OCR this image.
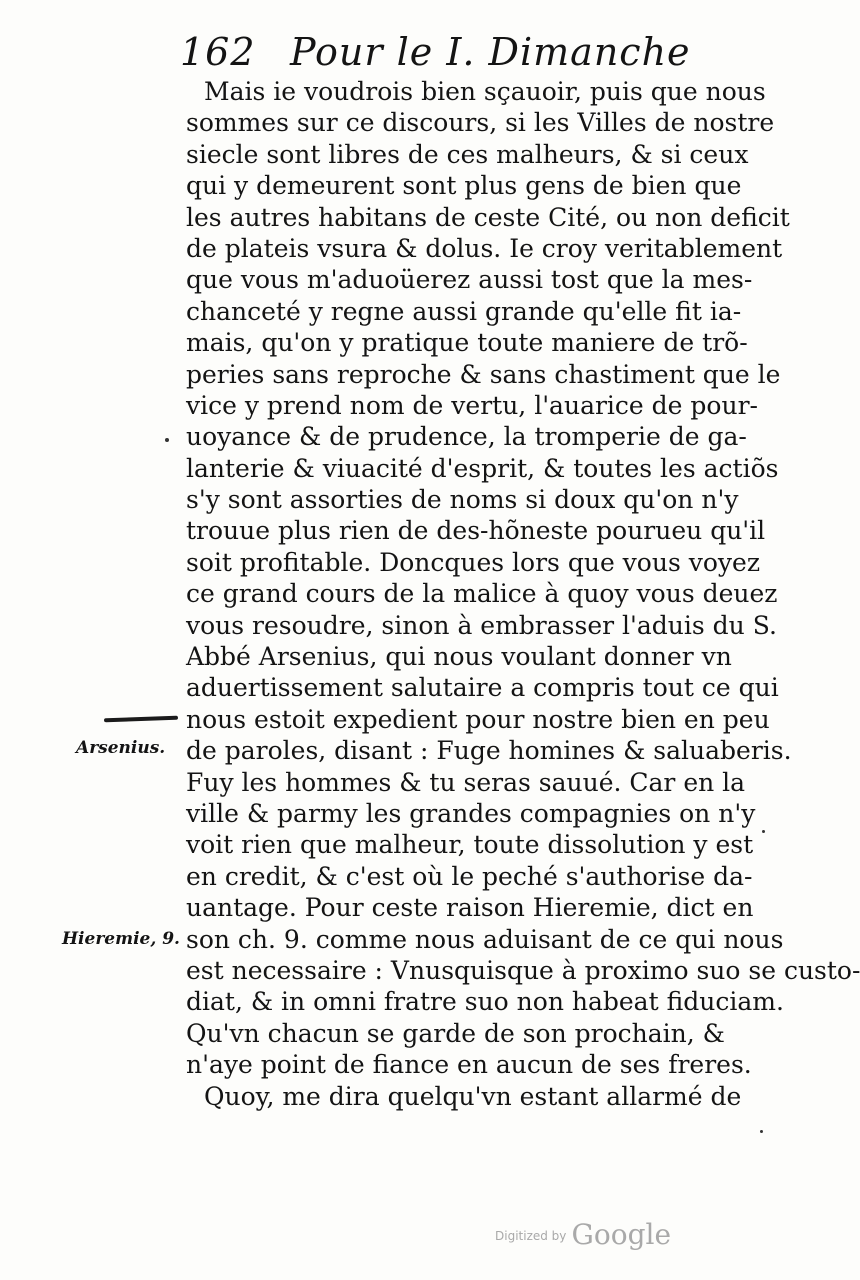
162 Pour le I. Dimanche
Mais ie voudrois bien sçauoir, puis que nous
sommes sur ce discours, si les Villes de nostre
siecle sont libres de ces malheurs, & si ceux
qui y demeurent sont plus gens de bien que
les autres habitans de ceste Cité, ou non deficit
de plateis vsura & dolus. Ie croy veritablement
que vous m'aduoüerez aussi tost que la mes-
chanceté y regne aussi grande qu'elle fit ia-
mais, qu'on y pratique toute maniere de trõ-
peries sans reproche & sans chastiment que le
vice y prend nom de vertu, l'auarice de pour-
uoyance & de prudence, la tromperie de ga-
lanterie & viuacité d'esprit, & toutes les actiõs
s'y sont assorties de noms si doux qu'on n'y
trouue plus rien de des-hõneste pourueu qu'il
soit profitable. Doncques lors que vous voyez
ce grand cours de la malice à quoy vous deuez
vous resoudre, sinon à embrasser l'aduis du S.
Abbé Arsenius, qui nous voulant donner vn
aduertissement salutaire a compris tout ce qui
nous estoit expedient pour nostre bien en peu
de paroles, disant : Fuge homines & saluaberis.
Fuy les hommes & tu seras sauué. Car en la
ville & parmy les grandes compagnies on n'y
voit rien que malheur, toute dissolution y est
en credit, & c'est où le peché s'authorise da-
uantage. Pour ceste raison Hieremie, dict en
son ch. 9. comme nous aduisant de ce qui nous
est necessaire : Vnusquisque à proximo suo se custo-
diat, & in omni fratre suo non habeat fiduciam.
Qu'vn chacun se garde de son prochain, &
n'aye point de fiance en aucun de ses freres.
Quoy, me dira quelqu'vn estant allarmé de
Arsenius.
Hieremie, 9.
$^{Digitized by}$ Google
